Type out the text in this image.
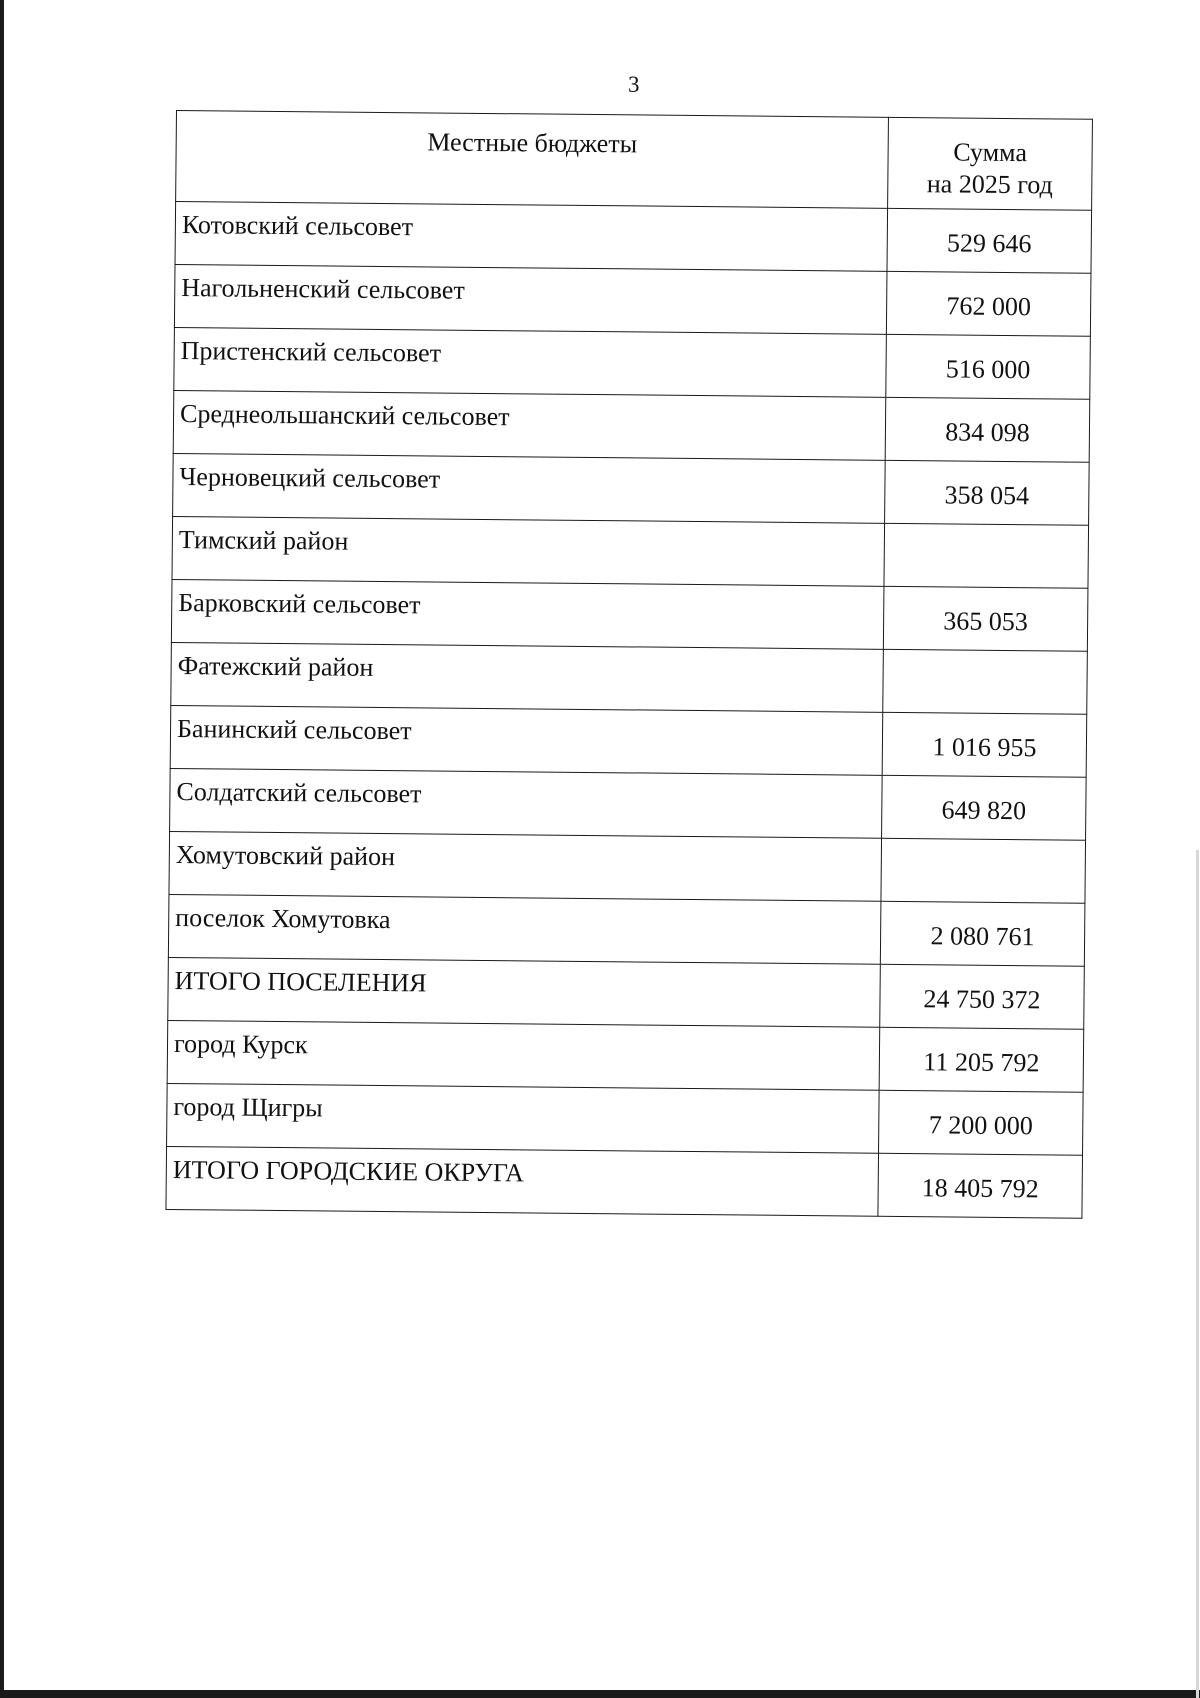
3
Местные бюджеты	Сумма
на 2025 год
Котовский сельсовет	529 646
Нагольненский сельсовет	762 000
Пристенский сельсовет	516 000
Среднеольшанский сельсовет	834 098
Черновецкий сельсовет	358 054
Тимский район	
Барковский сельсовет	365 053
Фатежский район	
Банинский сельсовет	1 016 955
Солдатский сельсовет	649 820
Хомутовский район	
поселок Хомутовка	2 080 761
ИТОГО ПОСЕЛЕНИЯ	24 750 372
город Курск	11 205 792
город Щигры	7 200 000
ИТОГО ГОРОДСКИЕ ОКРУГА	18 405 792
